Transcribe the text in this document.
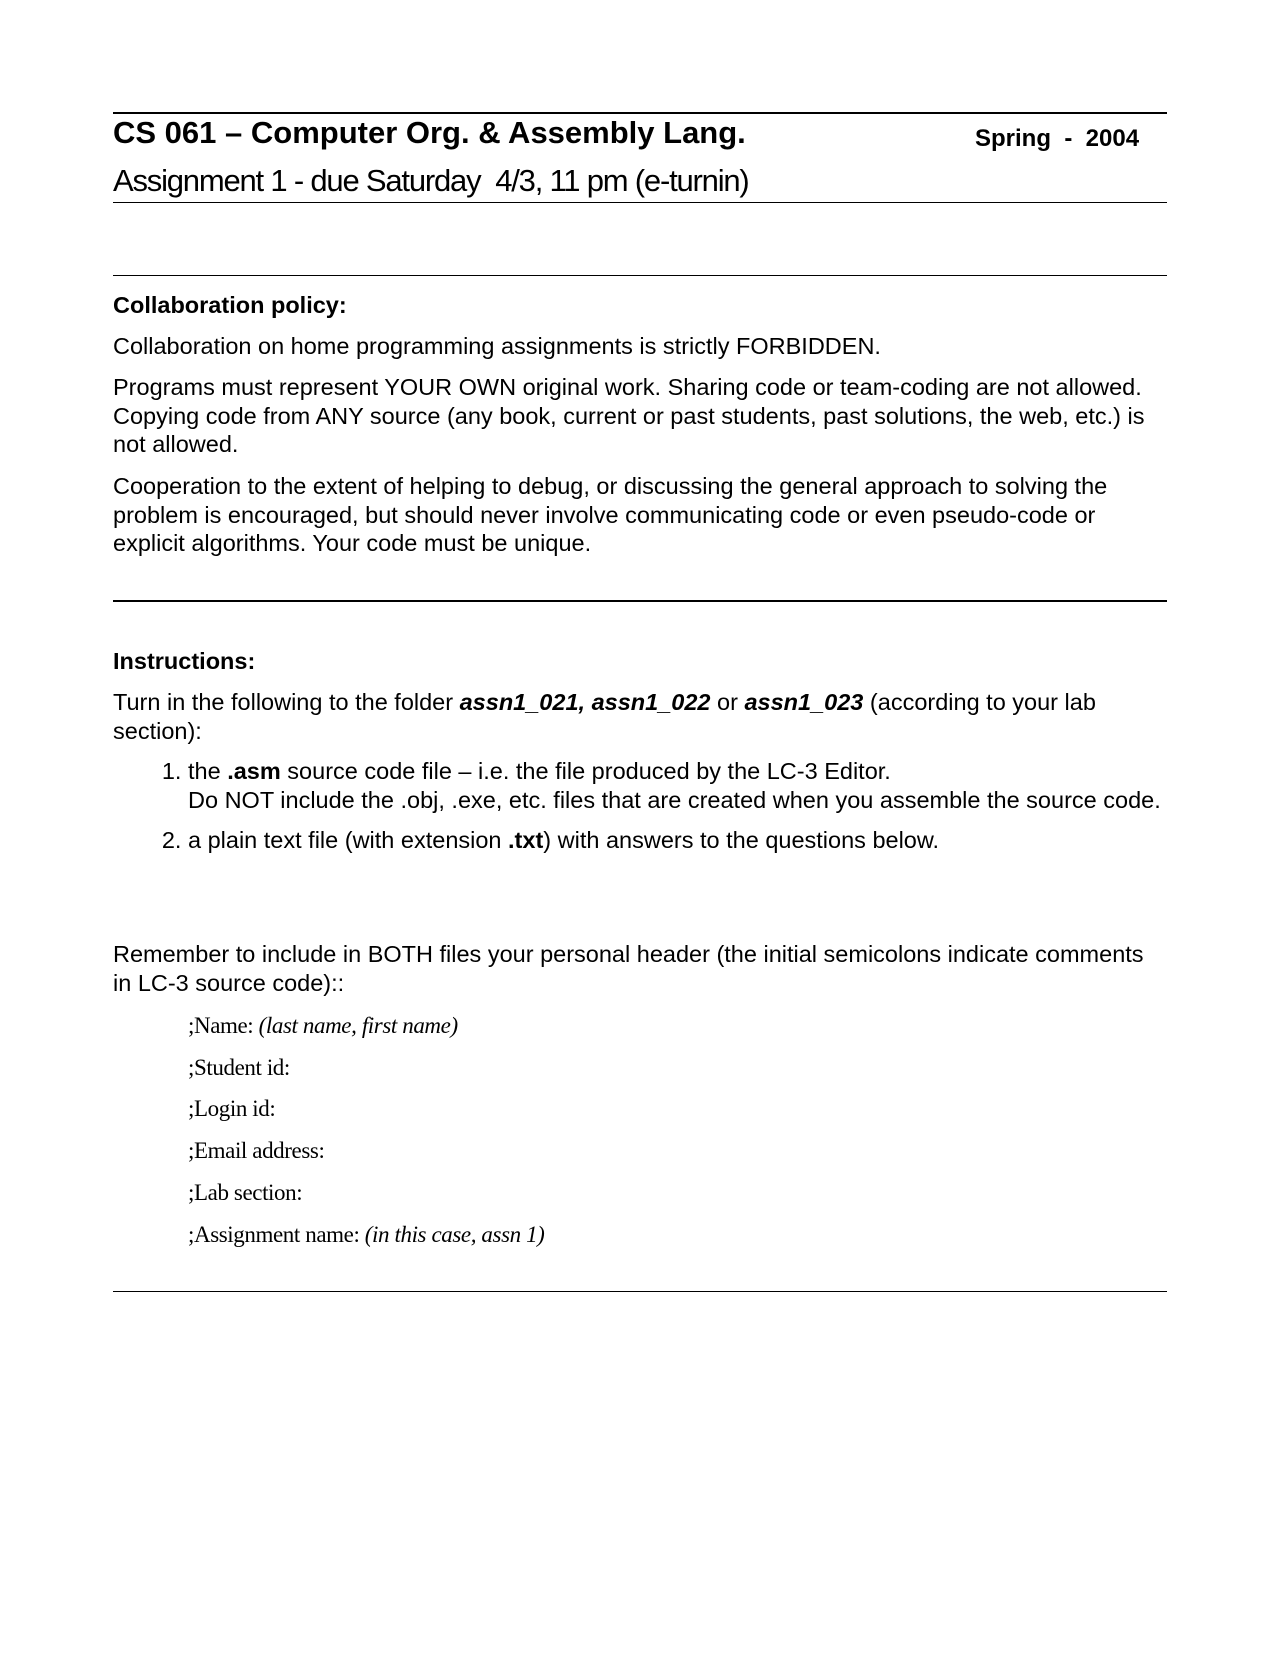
CS 061 – Computer Org. & Assembly Lang.	Spring  -  2004
Assignment 1 - due Saturday  4/3, 11 pm (e-turnin)
Collaboration policy:
Collaboration on home programming assignments is strictly FORBIDDEN.
Programs must represent YOUR OWN original work. Sharing code or team-coding are not allowed. Copying code from ANY source (any book, current or past students, past solutions, the web, etc.) is not allowed.
Cooperation to the extent of helping to debug, or discussing the general approach to solving the problem is encouraged, but should never involve communicating code or even pseudo-code or explicit algorithms. Your code must be unique.
Instructions:
Turn in the following to the folder assn1_021, assn1_022 or assn1_023 (according to your lab section):
1. the .asm source code file – i.e. the file produced by the LC-3 Editor.
Do NOT include the .obj, .exe, etc. files that are created when you assemble the source code.
2. a plain text file (with extension .txt) with answers to the questions below.
Remember to include in BOTH files your personal header (the initial semicolons indicate comments in LC-3 source code)::
;Name: (last name, first name)
;Student id:
;Login id:
;Email address:
;Lab section:
;Assignment name: (in this case, assn 1)
